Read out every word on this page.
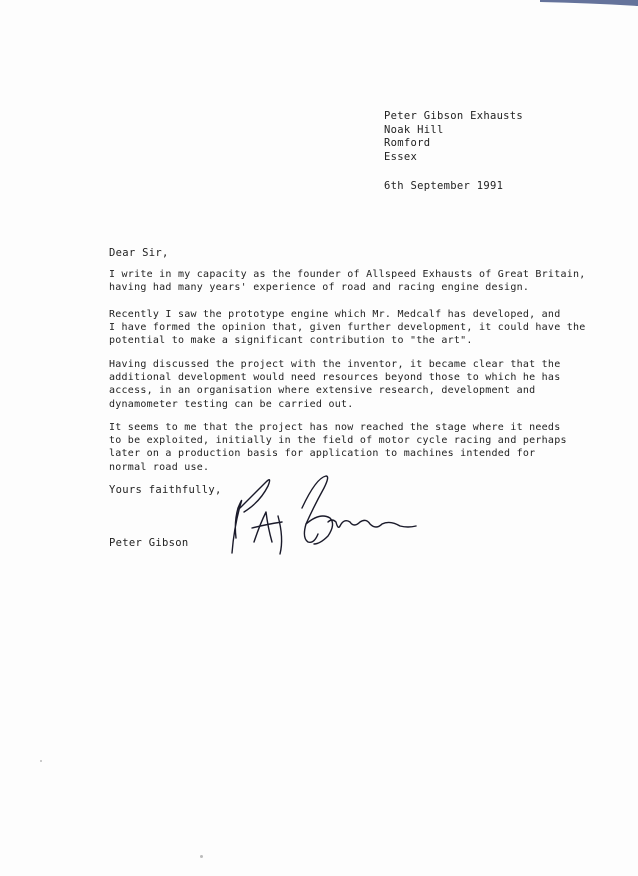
Peter Gibson Exhausts
Noak Hill
Romford
Essex
6th September 1991
Dear Sir,
I write in my capacity as the founder of Allspeed Exhausts of Great Britain,
having had many years' experience of road and racing engine design.
Recently I saw the prototype engine which Mr. Medcalf has developed, and
I have formed the opinion that, given further development, it could have the
potential to make a significant contribution to "the art".
Having discussed the project with the inventor, it became clear that the
additional development would need resources beyond those to which he has
access, in an organisation where extensive research, development and
dynamometer testing can be carried out.
It seems to me that the project has now reached the stage where it needs
to be exploited, initially in the field of motor cycle racing and perhaps
later on a production basis for application to machines intended for
normal road use.
Yours faithfully,
Peter Gibson
